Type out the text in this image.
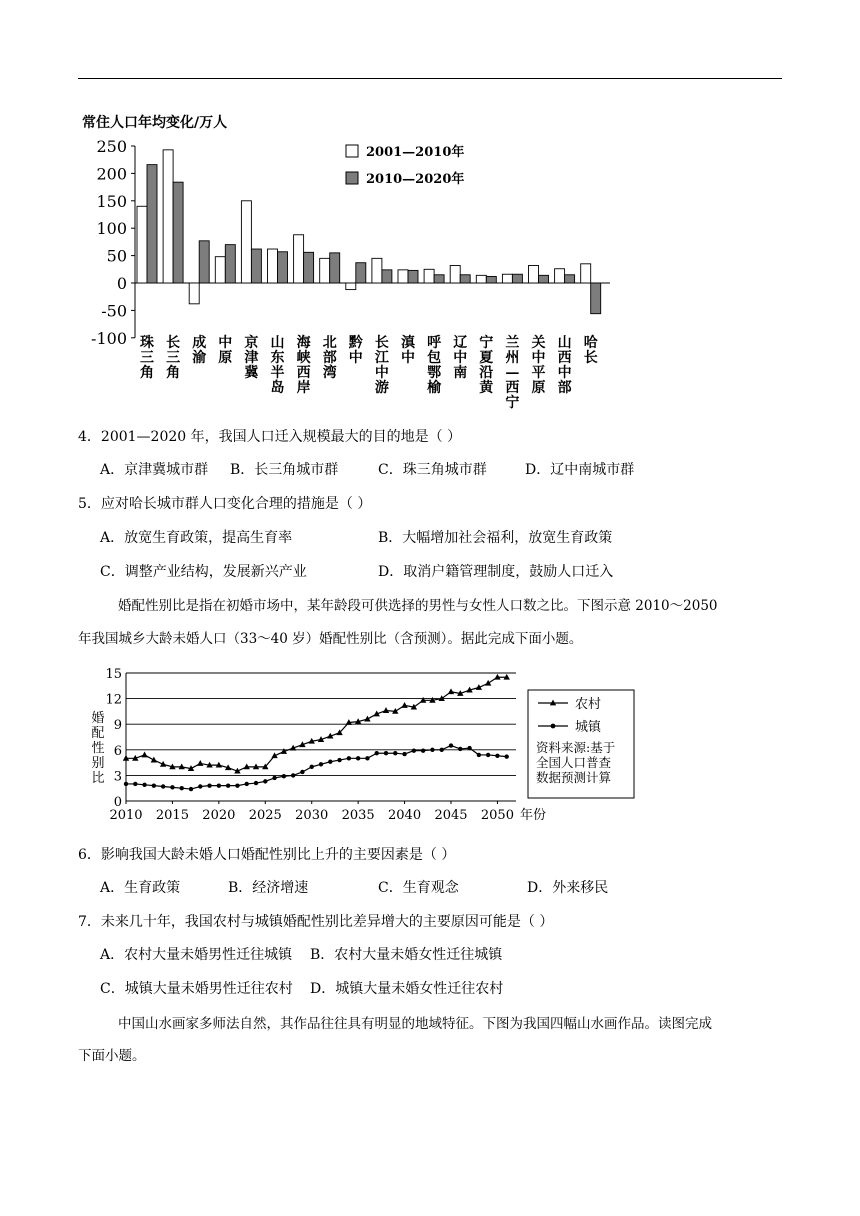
常住人口年均变化/万人
250
200
150
100
50
0
-50
-100 珠
三
角
长
三
角
成
渝
中
原
京
津
冀
山
东
半
岛
海
峡
西
岸
北
部
湾
黔
中
长
江
中
游
滇
中
呼
包
鄂
榆
辽
中
南
宁
夏
沿
黄
兰
州
—
西
宁
关
中
平
原
山
西
中
部
哈
长
2001—2010年
2010—2020年
4．2001—2020 年，我国人口迁入规模最大的目的地是（ ）
A．京津冀城市群 B．长三角城市群	C．珠三角城市群	D．辽中南城市群
5．应对哈长城市群人口变化合理的措施是（ ）
A．放宽生育政策，提高生育率	B．大幅增加社会福利，放宽生育政策
C．调整产业结构，发展新兴产业	D．取消户籍管理制度，鼓励人口迁入
婚配性别比是指在初婚市场中，某年龄段可供选择的男性与女性人口数之比。下图示意 2010～2050
年我国城乡大龄未婚人口（33～40 岁）婚配性别比（含预测）。据此完成下面小题。
15
12
9
6
3
0
2010 2015 2020 2025 2030 2035 2040 2045 2050 年份
婚
配
性
别
比
农村
城镇
资料来源:基于
全国人口普查
数据预测计算
6．影响我国大龄未婚人口婚配性别比上升的主要因素是（ ）
A．生育政策	B．经济增速	C．生育观念	D．外来移民
7．未来几十年，我国农村与城镇婚配性别比差异增大的主要原因可能是（ ）
A．农村大量未婚男性迁往城镇 B．农村大量未婚女性迁往城镇
C．城镇大量未婚男性迁往农村 D．城镇大量未婚女性迁往农村
中国山水画家多师法自然，其作品往往具有明显的地域特征。下图为我国四幅山水画作品。读图完成
下面小题。
